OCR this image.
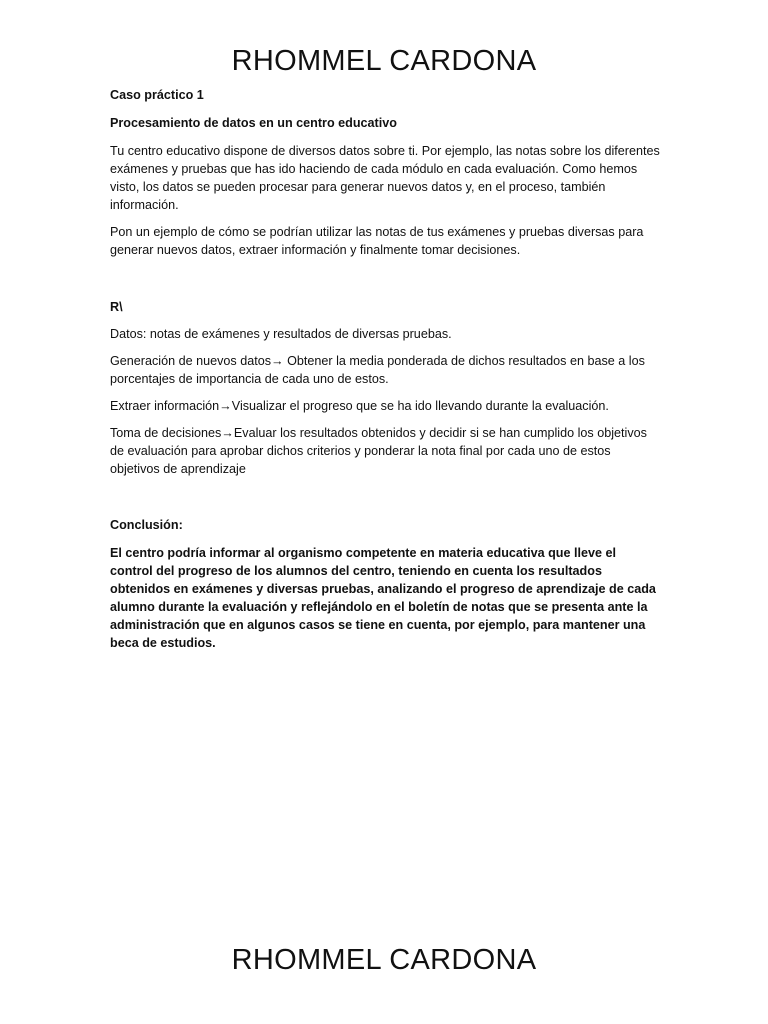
RHOMMEL CARDONA

Caso práctico 1

Procesamiento de datos en un centro educativo

Tu centro educativo dispone de diversos datos sobre ti. Por ejemplo, las notas sobre los diferentes exámenes y pruebas que has ido haciendo de cada módulo en cada evaluación. Como hemos visto, los datos se pueden procesar para generar nuevos datos y, en el proceso, también información.

Pon un ejemplo de cómo se podrían utilizar las notas de tus exámenes y pruebas diversas para generar nuevos datos, extraer información y finalmente tomar decisiones.

R\

Datos: notas de exámenes y resultados de diversas pruebas.

Generación de nuevos datos→ Obtener la media ponderada de dichos resultados en base a los porcentajes de importancia de cada uno de estos.

Extraer información→Visualizar el progreso que se ha ido llevando durante la evaluación.

Toma de decisiones→Evaluar los resultados obtenidos y decidir si se han cumplido los objetivos de evaluación para aprobar dichos criterios y ponderar la nota final por cada uno de estos objetivos de aprendizaje

Conclusión:

El centro podría informar al organismo competente en materia educativa que lleve el control del progreso de los alumnos del centro, teniendo en cuenta los resultados obtenidos en exámenes y diversas pruebas, analizando el progreso de aprendizaje de cada alumno durante la evaluación y reflejándolo en el boletín de notas que se presenta ante la administración que en algunos casos se tiene en cuenta, por ejemplo, para mantener una beca de estudios.

RHOMMEL CARDONA
